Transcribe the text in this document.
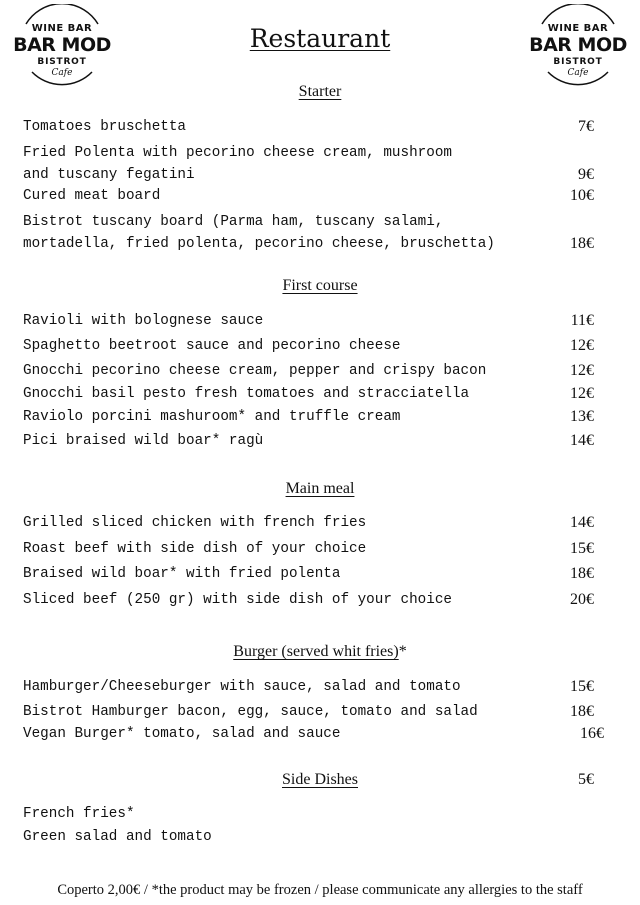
WINE BAR
BAR MOD
BISTROT
Cafe
WINE BAR
BAR MOD
BISTROT
Cafe
Restaurant
Starter
Tomatoes bruschetta	7€
Fried Polenta with pecorino cheese cream, mushroom
and tuscany fegatini	9€
Cured meat board	10€
Bistrot tuscany board (Parma ham, tuscany salami,
mortadella, fried polenta, pecorino cheese, bruschetta)	18€
First course
Ravioli with bolognese sauce	11€
Spaghetto beetroot sauce and pecorino cheese	12€
Gnocchi pecorino cheese cream, pepper and crispy bacon	12€
Gnocchi basil pesto fresh tomatoes and stracciatella	12€
Raviolo porcini mashuroom* and truffle cream	13€
Pici braised wild boar* ragù	14€
Main meal
Grilled sliced chicken with french fries	14€
Roast beef with side dish of your choice	15€
Braised wild boar* with fried polenta	18€
Sliced beef (250 gr) with side dish of your choice	20€
Burger (served whit fries)*
Hamburger/Cheeseburger with sauce, salad and tomato	15€
Bistrot Hamburger bacon, egg, sauce, tomato and salad	18€
Vegan Burger* tomato, salad and sauce	16€
Side Dishes	5€
French fries*
Green salad and tomato
Coperto 2,00€ / *the product may be frozen / please communicate any allergies to the staff
